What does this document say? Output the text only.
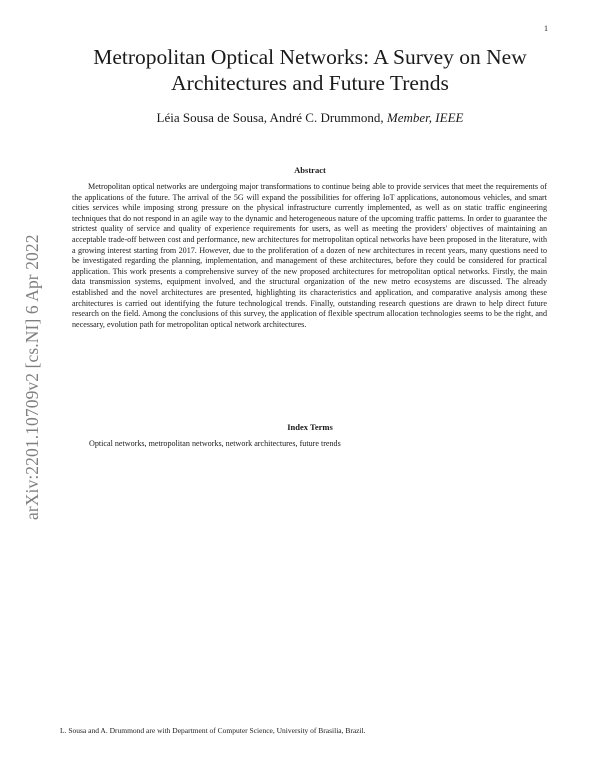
1
arXiv:2201.10709v2 [cs.NI] 6 Apr 2022
Metropolitan Optical Networks: A Survey on New Architectures and Future Trends
Léia Sousa de Sousa, André C. Drummond, Member, IEEE
Abstract

Metropolitan optical networks are undergoing major transformations to continue being able to provide services that meet the requirements of the applications of the future. The arrival of the 5G will expand the possibilities for offering IoT applications, autonomous vehicles, and smart cities services while imposing strong pressure on the physical infrastructure currently implemented, as well as on static traffic engineering techniques that do not respond in an agile way to the dynamic and heterogeneous nature of the upcoming traffic patterns. In order to guarantee the strictest quality of service and quality of experience requirements for users, as well as meeting the providers' objectives of maintaining an acceptable trade-off between cost and performance, new architectures for metropolitan optical networks have been proposed in the literature, with a growing interest starting from 2017. However, due to the proliferation of a dozen of new architectures in recent years, many questions need to be investigated regarding the planning, implementation, and management of these architectures, before they could be considered for practical application. This work presents a comprehensive survey of the new proposed architectures for metropolitan optical networks. Firstly, the main data transmission systems, equipment involved, and the structural organization of the new metro ecosystems are discussed. The already established and the novel architectures are presented, highlighting its characteristics and application, and comparative analysis among these architectures is carried out identifying the future technological trends. Finally, outstanding research questions are drawn to help direct future research on the field. Among the conclusions of this survey, the application of flexible spectrum allocation technologies seems to be the right, and necessary, evolution path for metropolitan optical network architectures.

Index Terms

Optical networks, metropolitan networks, network architectures, future trends

L. Sousa and A. Drummond are with Department of Computer Science, University of Brasilia, Brazil.
